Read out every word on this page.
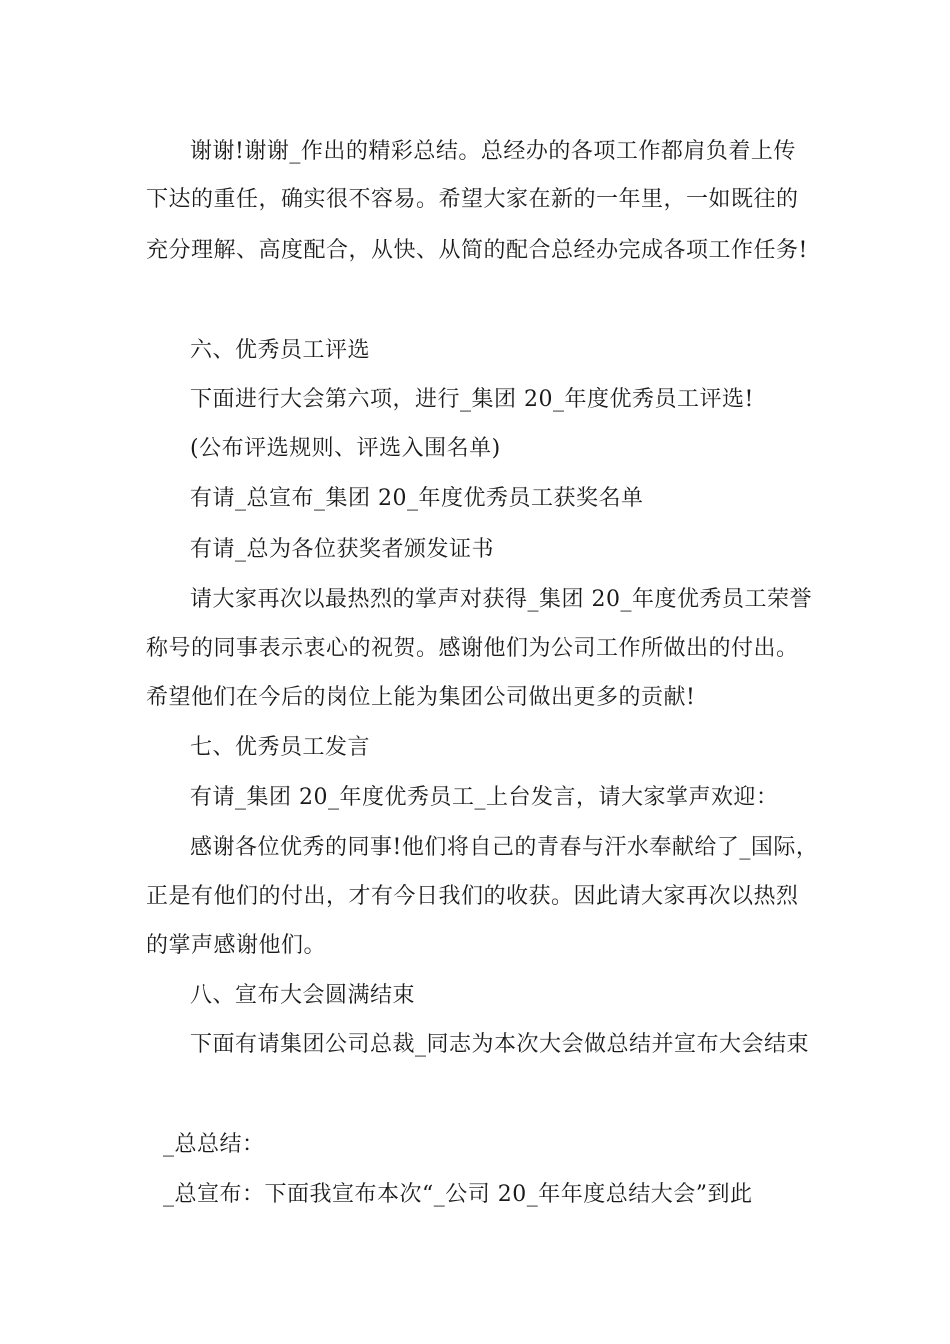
谢谢!谢谢_作出的精彩总结。总经办的各项工作都肩负着上传
下达的重任，确实很不容易。希望大家在新的一年里，一如既往的
充分理解、高度配合，从快、从简的配合总经办完成各项工作任务!
六、优秀员工评选
下面进行大会第六项，进行_集团 20_年度优秀员工评选!
(公布评选规则、评选入围名单)
有请_总宣布_集团 20_年度优秀员工获奖名单
有请_总为各位获奖者颁发证书
请大家再次以最热烈的掌声对获得_集团 20_年度优秀员工荣誉
称号的同事表示衷心的祝贺。感谢他们为公司工作所做出的付出。
希望他们在今后的岗位上能为集团公司做出更多的贡献!
七、优秀员工发言
有请_集团 20_年度优秀员工_上台发言，请大家掌声欢迎：
感谢各位优秀的同事!他们将自己的青春与汗水奉献给了_国际，
正是有他们的付出，才有今日我们的收获。因此请大家再次以热烈
的掌声感谢他们。
八、宣布大会圆满结束
下面有请集团公司总裁_同志为本次大会做总结并宣布大会结束
_总总结：
_总宣布：下面我宣布本次“_公司 20_年年度总结大会”到此
